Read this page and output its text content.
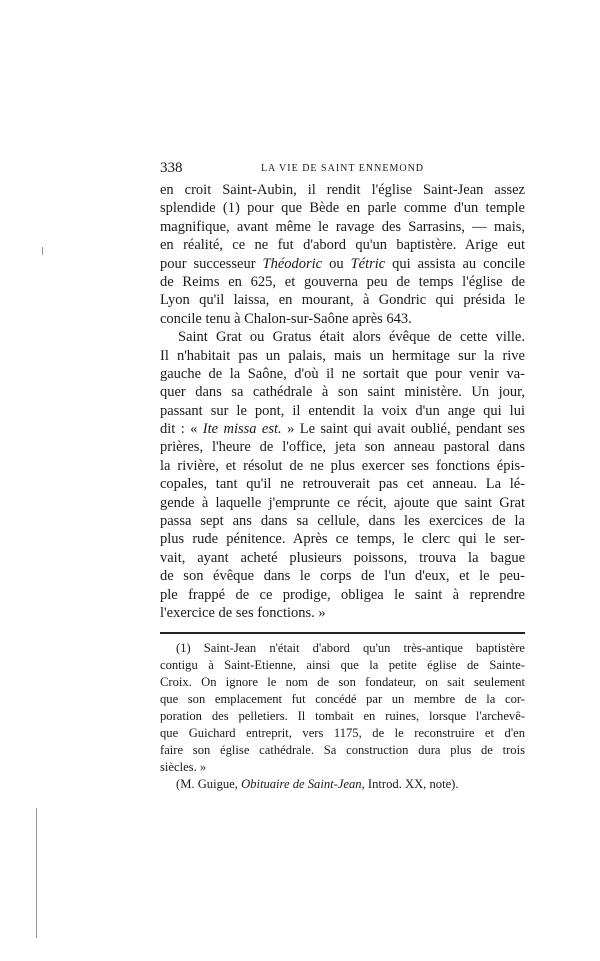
338	LA VIE DE SAINT ENNEMOND
en croit Saint-Aubin, il rendit l'église Saint-Jean assez
splendide (1) pour que Bède en parle comme d'un temple
magnifique, avant même le ravage des Sarrasins, — mais,
en réalité, ce ne fut d'abord qu'un baptistère. Arige eut
pour successeur Théodoric ou Tétric qui assista au concile
de Reims en 625, et gouverna peu de temps l'église de
Lyon qu'il laissa, en mourant, à Gondric qui présida le
concile tenu à Chalon-sur-Saône après 643.
Saint Grat ou Gratus était alors évêque de cette ville.
Il n'habitait pas un palais, mais un hermitage sur la rive
gauche de la Saône, d'où il ne sortait que pour venir va-
quer dans sa cathédrale à son saint ministère. Un jour,
passant sur le pont, il entendit la voix d'un ange qui lui
dit : « Ite missa est. » Le saint qui avait oublié, pendant ses
prières, l'heure de l'office, jeta son anneau pastoral dans
la rivière, et résolut de ne plus exercer ses fonctions épis-
copales, tant qu'il ne retrouverait pas cet anneau. La lé-
gende à laquelle j'emprunte ce récit, ajoute que saint Grat
passa sept ans dans sa cellule, dans les exercices de la
plus rude pénitence. Après ce temps, le clerc qui le ser-
vait, ayant acheté plusieurs poissons, trouva la bague
de son évêque dans le corps de l'un d'eux, et le peu-
ple frappé de ce prodige, obligea le saint à reprendre
l'exercice de ses fonctions. »
(1) Saint-Jean n'était d'abord qu'un très-antique baptistère
contigu à Saint-Etienne, ainsi que la petite église de Sainte-
Croix. On ignore le nom de son fondateur, on sait seulement
que son emplacement fut concédé par un membre de la cor-
poration des pelletiers. Il tombait en ruines, lorsque l'archevê-
que Guichard entreprit, vers 1175, de le reconstruire et d'en
faire son église cathédrale. Sa construction dura plus de trois
siècles. »
(M. Guigue, Obituaire de Saint-Jean, Introd. XX, note).
